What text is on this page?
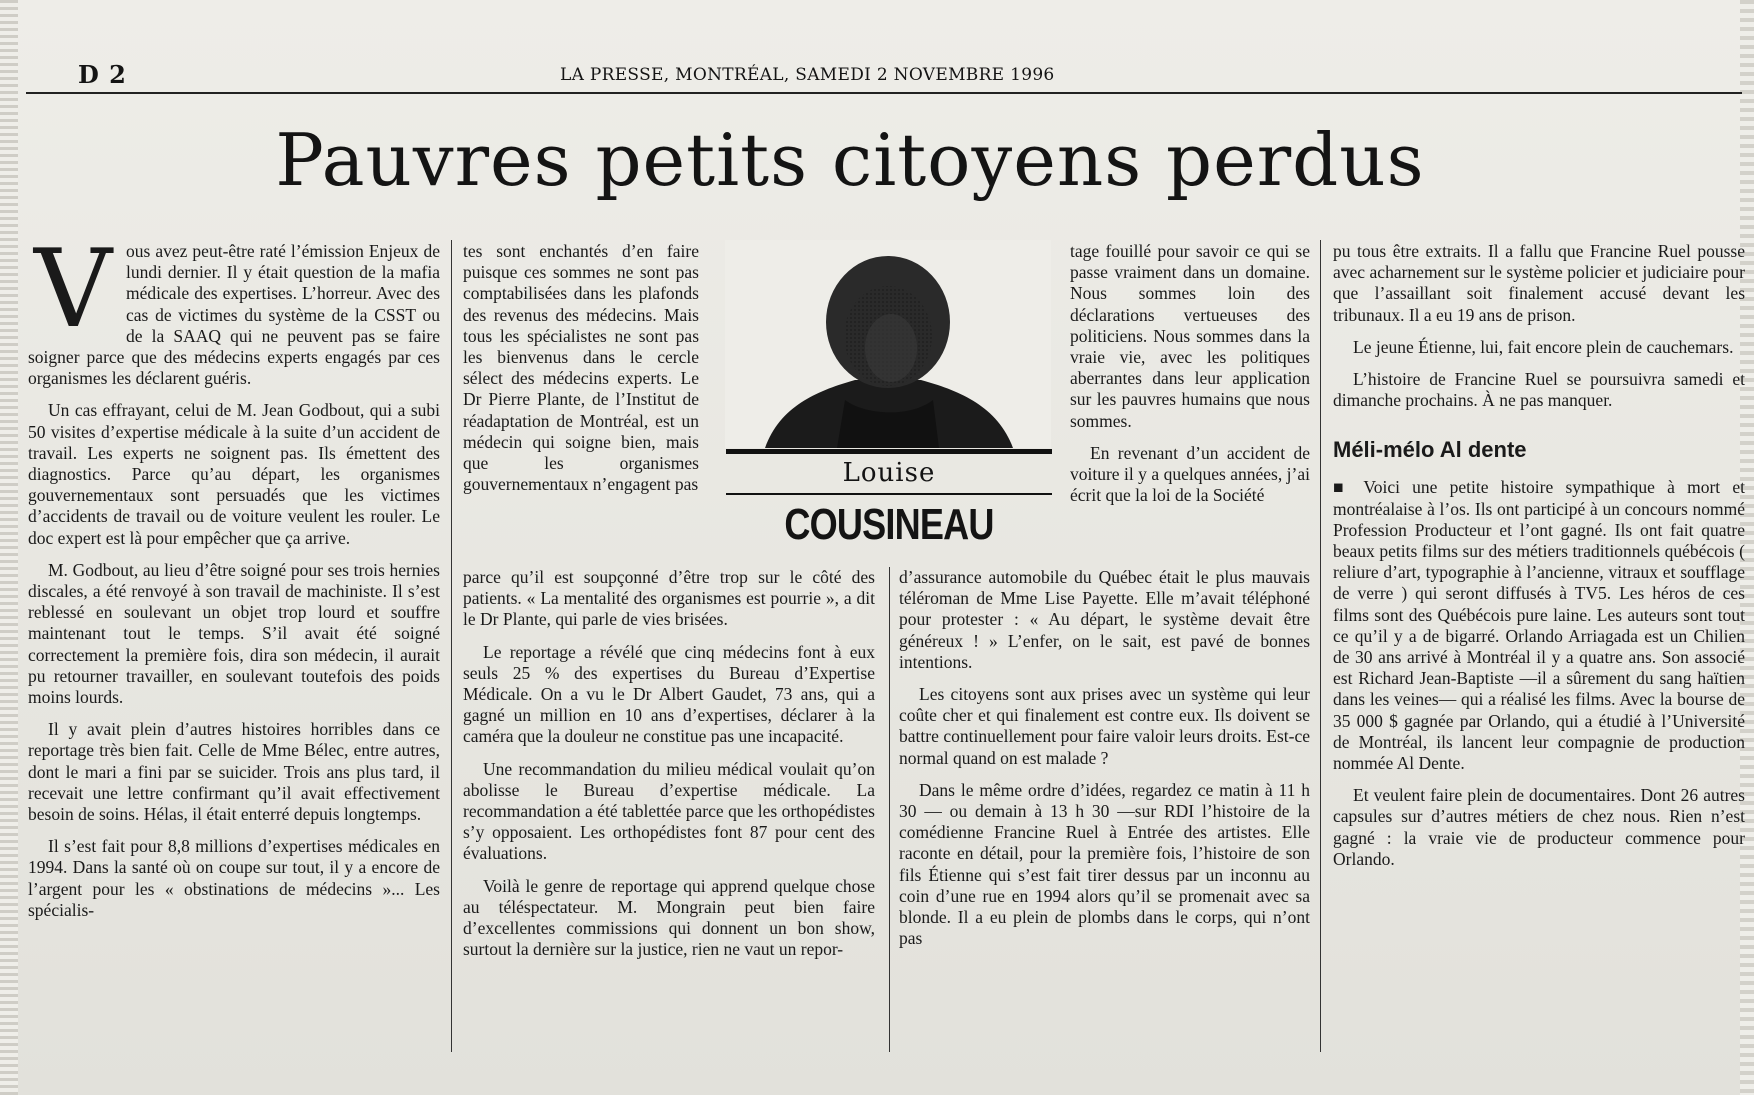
D 2	LA PRESSE, MONTRÉAL, SAMEDI 2 NOVEMBRE 1996
Pauvres petits citoyens perdus

Vous avez peut-être raté l’émission Enjeux de lundi dernier. Il y était question de la mafia médicale des expertises. L’horreur. Avec des cas de victimes du système de la CSST ou de la SAAQ qui ne peuvent pas se faire soigner parce que des médecins experts engagés par ces organismes les déclarent guéris.

Un cas effrayant, celui de M. Jean Godbout, qui a subi 50 visites d’expertise médicale à la suite d’un accident de travail. Les experts ne soignent pas. Ils émettent des diagnostics. Parce qu’au départ, les organismes gouvernementaux sont persuadés que les victimes d’accidents de travail ou de voiture veulent les rouler. Le doc expert est là pour empêcher que ça arrive.

M. Godbout, au lieu d’être soigné pour ses trois hernies discales, a été renvoyé à son travail de machiniste. Il s’est reblessé en soulevant un objet trop lourd et souffre maintenant tout le temps. S’il avait été soigné correctement la première fois, dira son médecin, il aurait pu retourner travailler, en soulevant toutefois des poids moins lourds.

Il y avait plein d’autres histoires horribles dans ce reportage très bien fait. Celle de Mme Bélec, entre autres, dont le mari a fini par se suicider. Trois ans plus tard, il recevait une lettre confirmant qu’il avait effectivement besoin de soins. Hélas, il était enterré depuis longtemps.

Il s’est fait pour 8,8 millions d’expertises médicales en 1994. Dans la santé où on coupe sur tout, il y a encore de l’argent pour les « obstinations de médecins »... Les spécialis-

tes sont enchantés d’en faire puisque ces sommes ne sont pas comptabilisées dans les plafonds des revenus des médecins. Mais tous les spécialistes ne sont pas les bienvenus dans le cercle sélect des médecins experts. Le Dr Pierre Plante, de l’Institut de réadaptation de Montréal, est un médecin qui soigne bien, mais que les organismes gouvernementaux n’engagent pas	Louise
COUSINEAU

parce qu’il est soupçonné d’être trop sur le côté des patients. « La mentalité des organismes est pourrie », a dit le Dr Plante, qui parle de vies brisées.

Le reportage a révélé que cinq médecins font à eux seuls 25 % des expertises du Bureau d’Expertise Médicale. On a vu le Dr Albert Gaudet, 73 ans, qui a gagné un million en 10 ans d’expertises, déclarer à la caméra que la douleur ne constitue pas une incapacité.

Une recommandation du milieu médical voulait qu’on abolisse le Bureau d’expertise médicale. La recommandation a été tablettée parce que les orthopédistes s’y opposaient. Les orthopédistes font 87 pour cent des évaluations.

Voilà le genre de reportage qui apprend quelque chose au téléspectateur. M. Mongrain peut bien faire d’excellentes commissions qui donnent un bon show, surtout la dernière sur la justice, rien ne vaut un repor-

tage fouillé pour savoir ce qui se passe vraiment dans un domaine. Nous sommes loin des déclarations vertueuses des politiciens. Nous sommes dans la vraie vie, avec les politiques aberrantes dans leur application sur les pauvres humains que nous sommes.

En revenant d’un accident de voiture il y a quelques années, j’ai écrit que la loi de la Société

d’assurance automobile du Québec était le plus mauvais téléroman de Mme Lise Payette. Elle m’avait téléphoné pour protester : « Au départ, le système devait être généreux ! » L’enfer, on le sait, est pavé de bonnes intentions.

Les citoyens sont aux prises avec un système qui leur coûte cher et qui finalement est contre eux. Ils doivent se battre continuellement pour faire valoir leurs droits. Est-ce normal quand on est malade ?

Dans le même ordre d’idées, regardez ce matin à 11 h 30 — ou demain à 13 h 30 —sur RDI l’histoire de la comédienne Francine Ruel à Entrée des artistes. Elle raconte en détail, pour la première fois, l’histoire de son fils Étienne qui s’est fait tirer dessus par un inconnu au coin d’une rue en 1994 alors qu’il se promenait avec sa blonde. Il a eu plein de plombs dans le corps, qui n’ont pas

pu tous être extraits. Il a fallu que Francine Ruel pousse avec acharnement sur le système policier et judiciaire pour que l’assaillant soit finalement accusé devant les tribunaux. Il a eu 19 ans de prison.

Le jeune Étienne, lui, fait encore plein de cauchemars.

L’histoire de Francine Ruel se poursuivra samedi et dimanche prochains. À ne pas manquer.

Méli-mélo Al dente

■ Voici une petite histoire sympathique à mort et montréalaise à l’os. Ils ont participé à un concours nommé Profession Producteur et l’ont gagné. Ils ont fait quatre beaux petits films sur des métiers traditionnels québécois ( reliure d’art, typographie à l’ancienne, vitraux et soufflage de verre ) qui seront diffusés à TV5. Les héros de ces films sont des Québécois pure laine. Les auteurs sont tout ce qu’il y a de bigarré. Orlando Arriagada est un Chilien de 30 ans arrivé à Montréal il y a quatre ans. Son associé est Richard Jean-Baptiste —il a sûrement du sang haïtien dans les veines— qui a réalisé les films. Avec la bourse de 35 000 $ gagnée par Orlando, qui a étudié à l’Université de Montréal, ils lancent leur compagnie de production nommée Al Dente.

Et veulent faire plein de documentaires. Dont 26 autres capsules sur d’autres métiers de chez nous. Rien n’est gagné : la vraie vie de producteur commence pour Orlando.
